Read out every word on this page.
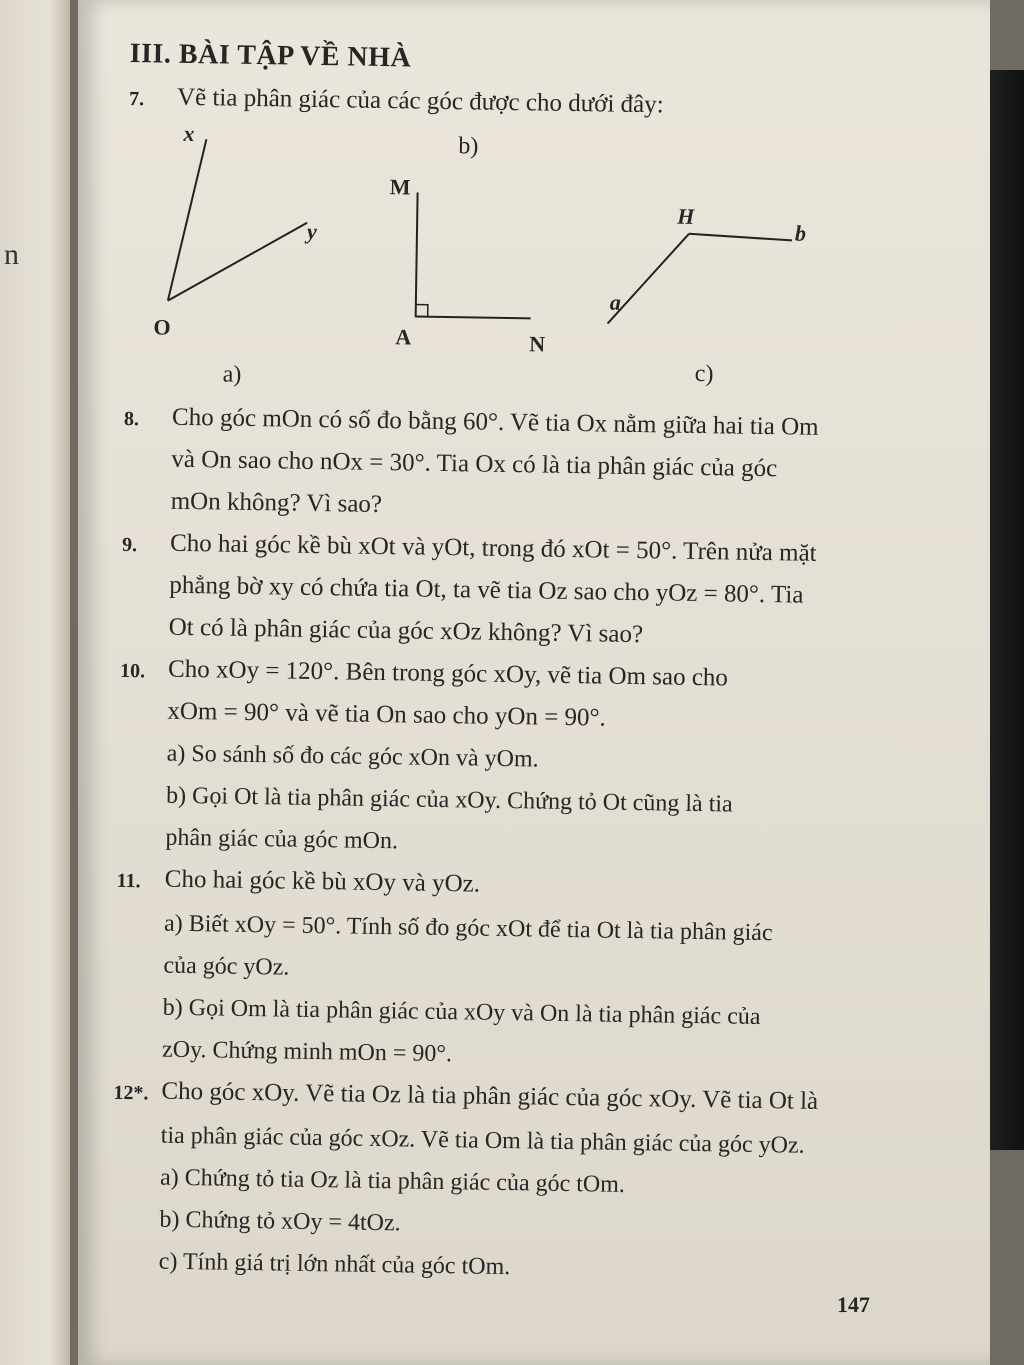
n
III. BÀI TẬP VỀ NHÀ
7.	Vẽ tia phân giác của các góc được cho dưới đây:
x
y
O
a)
b)
M
A	N
H
a
b
c)
8.	Cho góc mOn có số đo bằng 60°. Vẽ tia Ox nằm giữa hai tia Om
và On sao cho nOx = 30°. Tia Ox có là tia phân giác của góc
mOn không? Vì sao?
9.	Cho hai góc kề bù xOt và yOt, trong đó xOt = 50°. Trên nửa mặt
phẳng bờ xy có chứa tia Ot, ta vẽ tia Oz sao cho yOz = 80°. Tia
Ot có là phân giác của góc xOz không? Vì sao?
10. Cho xOy = 120°. Bên trong góc xOy, vẽ tia Om sao cho
xOm = 90° và vẽ tia On sao cho yOn = 90°.
a) So sánh số đo các góc xOn và yOm.
b) Gọi Ot là tia phân giác của xOy. Chứng tỏ Ot cũng là tia
phân giác của góc mOn.
11. Cho hai góc kề bù xOy và yOz.
a) Biết xOy = 50°. Tính số đo góc xOt để tia Ot là tia phân giác
của góc yOz.
b) Gọi Om là tia phân giác của xOy và On là tia phân giác của
zOy. Chứng minh mOn = 90°.
12*. Cho góc xOy. Vẽ tia Oz là tia phân giác của góc xOy. Vẽ tia Ot là
tia phân giác của góc xOz. Vẽ tia Om là tia phân giác của góc yOz.
a) Chứng tỏ tia Oz là tia phân giác của góc tOm.
b) Chứng tỏ xOy = 4tOz.
c) Tính giá trị lớn nhất của góc tOm.
147
